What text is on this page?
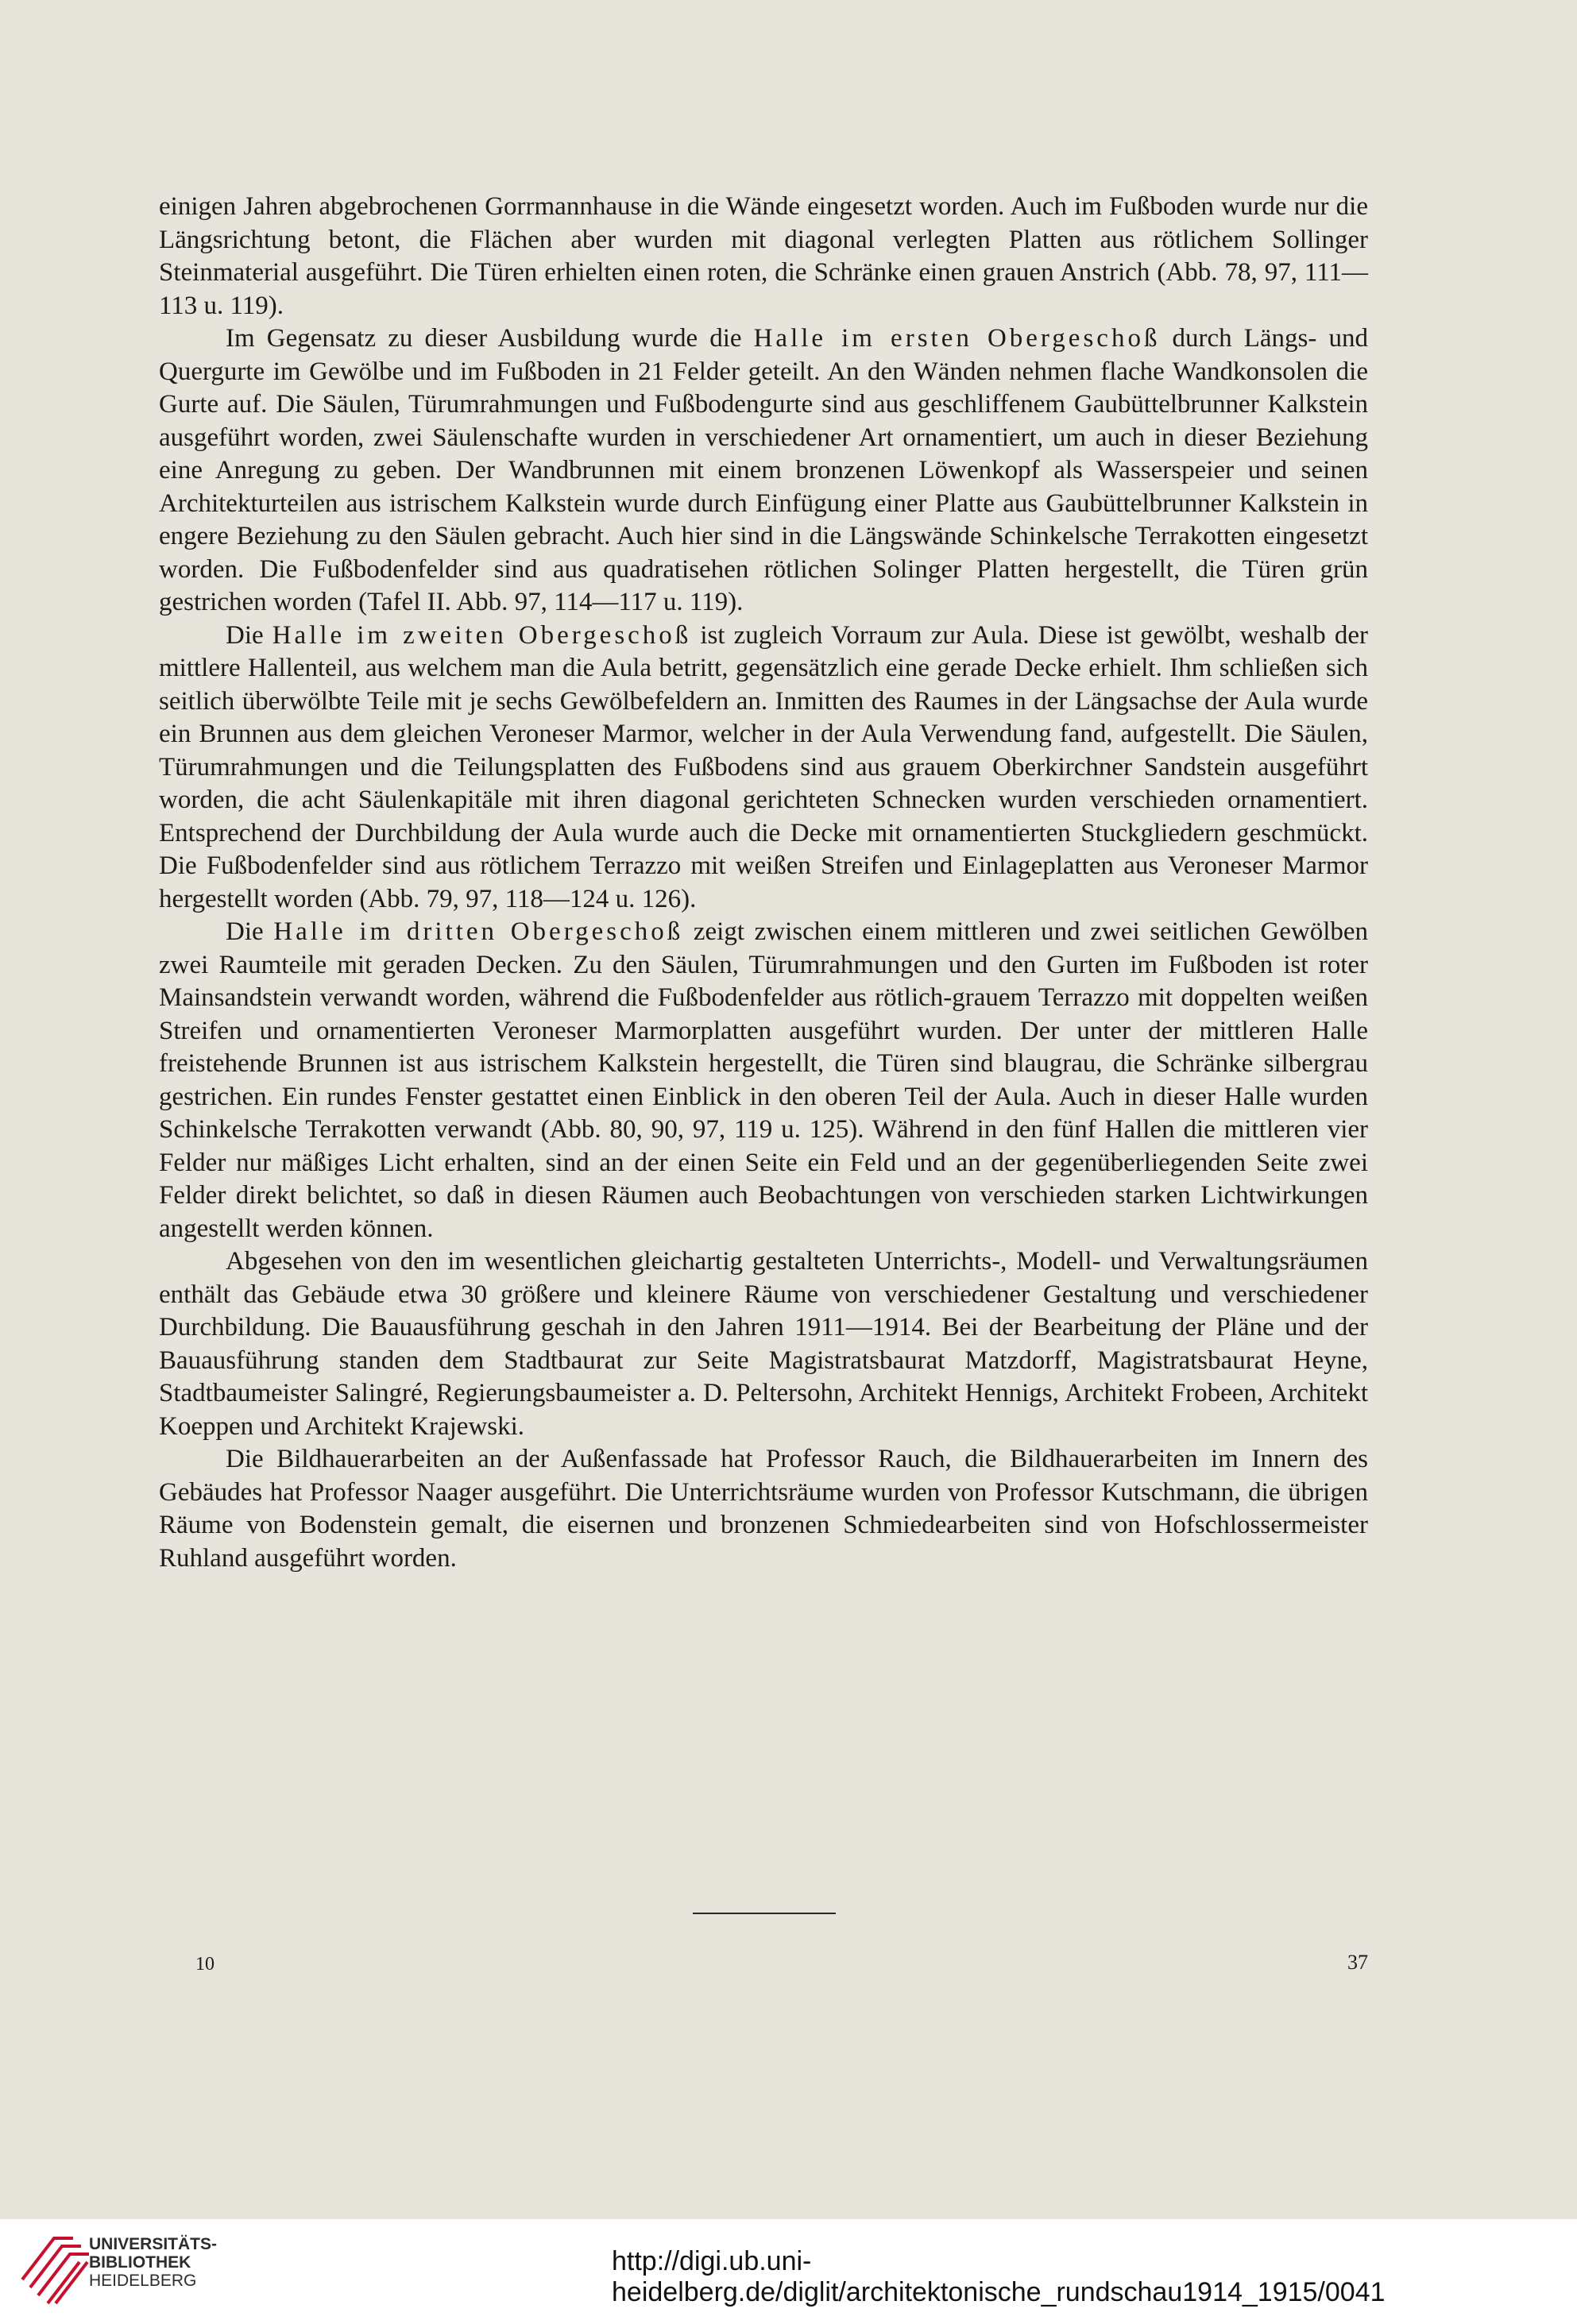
einigen Jahren abgebrochenen Gorrmannhause in die Wände eingesetzt worden. Auch im Fußboden wurde nur die Längsrichtung betont, die Flächen aber wurden mit diagonal verlegten Platten aus rötlichem Sollinger Steinmaterial ausgeführt. Die Türen erhielten einen roten, die Schränke einen grauen Anstrich (Abb. 78, 97, 111—113 u. 119).

Im Gegensatz zu dieser Ausbildung wurde die Halle im ersten Obergeschoß durch Längs- und Quergurte im Gewölbe und im Fußboden in 21 Felder geteilt. An den Wänden nehmen flache Wandkonsolen die Gurte auf. Die Säulen, Türumrahmungen und Fußbodengurte sind aus geschliffenem Gaubüttelbrunner Kalkstein ausgeführt worden, zwei Säulenschafte wurden in verschiedener Art ornamentiert, um auch in dieser Beziehung eine Anregung zu geben. Der Wandbrunnen mit einem bronzenen Löwenkopf als Wasserspeier und seinen Architekturteilen aus istrischem Kalkstein wurde durch Einfügung einer Platte aus Gaubüttelbrunner Kalkstein in engere Beziehung zu den Säulen gebracht. Auch hier sind in die Längswände Schinkelsche Terrakotten eingesetzt worden. Die Fußbodenfelder sind aus quadratisehen rötlichen Solinger Platten hergestellt, die Türen grün gestrichen worden (Tafel II. Abb. 97, 114—117 u. 119).

Die Halle im zweiten Obergeschoß ist zugleich Vorraum zur Aula. Diese ist gewölbt, weshalb der mittlere Hallenteil, aus welchem man die Aula betritt, gegensätzlich eine gerade Decke erhielt. Ihm schließen sich seitlich überwölbte Teile mit je sechs Gewölbefeldern an. Inmitten des Raumes in der Längsachse der Aula wurde ein Brunnen aus dem gleichen Veroneser Marmor, welcher in der Aula Verwendung fand, aufgestellt. Die Säulen, Türumrahmungen und die Teilungsplatten des Fußbodens sind aus grauem Oberkirchner Sandstein ausgeführt worden, die acht Säulenkapitäle mit ihren diagonal gerichteten Schnecken wurden verschieden ornamentiert. Entsprechend der Durchbildung der Aula wurde auch die Decke mit ornamentierten Stuckgliedern geschmückt. Die Fußbodenfelder sind aus rötlichem Terrazzo mit weißen Streifen und Einlageplatten aus Veroneser Marmor hergestellt worden (Abb. 79, 97, 118—124 u. 126).

Die Halle im dritten Obergeschoß zeigt zwischen einem mittleren und zwei seitlichen Gewölben zwei Raumteile mit geraden Decken. Zu den Säulen, Türumrahmungen und den Gurten im Fußboden ist roter Mainsandstein verwandt worden, während die Fußbodenfelder aus rötlich-grauem Terrazzo mit doppelten weißen Streifen und ornamentierten Veroneser Marmorplatten ausgeführt wurden. Der unter der mittleren Halle freistehende Brunnen ist aus istrischem Kalkstein hergestellt, die Türen sind blaugrau, die Schränke silbergrau gestrichen. Ein rundes Fenster gestattet einen Einblick in den oberen Teil der Aula. Auch in dieser Halle wurden Schinkelsche Terrakotten verwandt (Abb. 80, 90, 97, 119 u. 125). Während in den fünf Hallen die mittleren vier Felder nur mäßiges Licht erhalten, sind an der einen Seite ein Feld und an der gegenüberliegenden Seite zwei Felder direkt belichtet, so daß in diesen Räumen auch Beobachtungen von verschieden starken Lichtwirkungen angestellt werden können.

Abgesehen von den im wesentlichen gleichartig gestalteten Unterrichts-, Modell- und Verwaltungsräumen enthält das Gebäude etwa 30 größere und kleinere Räume von verschiedener Gestaltung und verschiedener Durchbildung. Die Bauausführung geschah in den Jahren 1911—1914. Bei der Bearbeitung der Pläne und der Bauausführung standen dem Stadtbaurat zur Seite Magistratsbaurat Matzdorff, Magistratsbaurat Heyne, Stadtbaumeister Salingré, Regierungsbaumeister a. D. Peltersohn, Architekt Hennigs, Architekt Frobeen, Architekt Koeppen und Architekt Krajewski.

Die Bildhauerarbeiten an der Außenfassade hat Professor Rauch, die Bildhauerarbeiten im Innern des Gebäudes hat Professor Naager ausgeführt. Die Unterrichtsräume wurden von Professor Kutschmann, die übrigen Räume von Bodenstein gemalt, die eisernen und bronzenen Schmiedearbeiten sind von Hofschlossermeister Ruhland ausgeführt worden.

10	37
UNIVERSITÄTS-
BIBLIOTHEK
HEIDELBERG
http://digi.ub.uni-heidelberg.de/diglit/architektonische_rundschau1914_1915/0041
